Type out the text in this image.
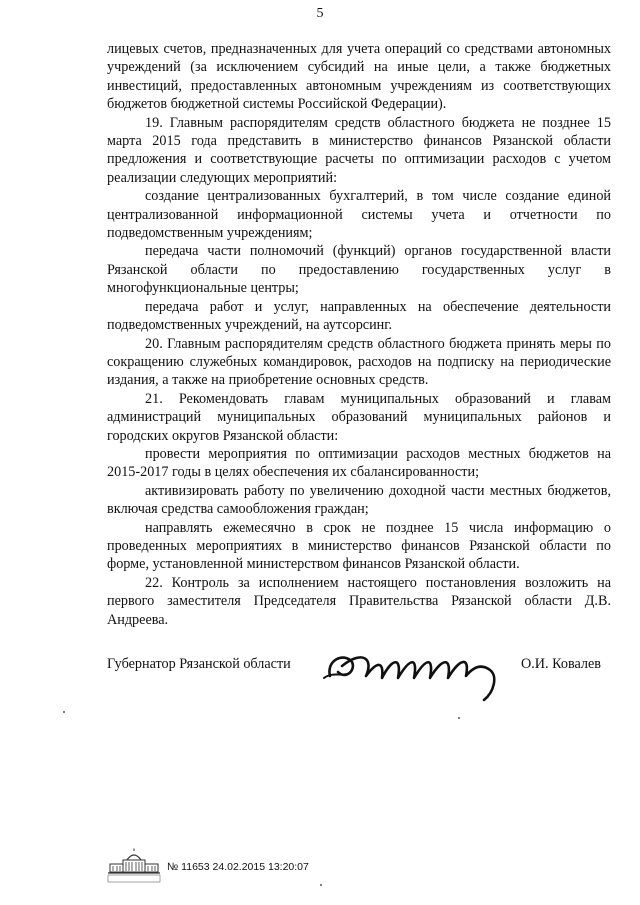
5

лицевых счетов, предназначенных для учета операций со средствами автономных учреждений (за исключением субсидий на иные цели, а также бюджетных инвестиций, предоставленных автономным учреждениям из соответствующих бюджетов бюджетной системы Российской Федерации).

19. Главным распорядителям средств областного бюджета не позднее 15 марта 2015 года представить в министерство финансов Рязанской области предложения и соответствующие расчеты по оптимизации расходов с учетом реализации следующих мероприятий:

создание централизованных бухгалтерий, в том числе создание единой централизованной информационной системы учета и отчетности по подведомственным учреждениям;

передача части полномочий (функций) органов государственной власти Рязанской области по предоставлению государственных услуг в многофункциональные центры;

передача работ и услуг, направленных на обеспечение деятельности подведомственных учреждений, на аутсорсинг.

20. Главным распорядителям средств областного бюджета принять меры по сокращению служебных командировок, расходов на подписку на периодические издания, а также на приобретение основных средств.

21. Рекомендовать главам муниципальных образований и главам администраций муниципальных образований муниципальных районов и городских округов Рязанской области:

провести мероприятия по оптимизации расходов местных бюджетов на 2015-2017 годы в целях обеспечения их сбалансированности;

активизировать работу по увеличению доходной части местных бюджетов, включая средства самообложения граждан;

направлять ежемесячно в срок не позднее 15 числа информацию о проведенных мероприятиях в министерство финансов Рязанской области по форме, установленной министерством финансов Рязанской области.

22. Контроль за исполнением настоящего постановления возложить на первого заместителя Председателя Правительства Рязанской области Д.В. Андреева.

Губернатор Рязанской области	О.И. Ковалев
№ 11653 24.02.2015 13:20:07
